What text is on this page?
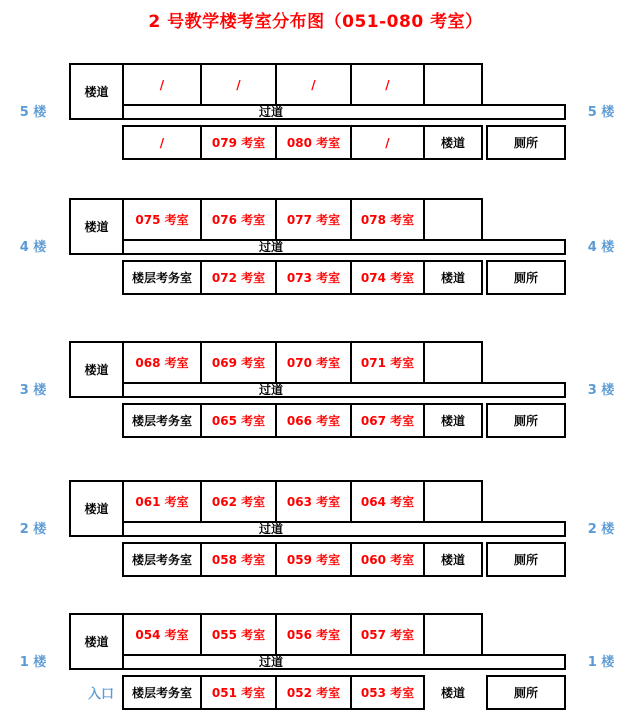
2 号教学楼考室分布图（051-080 考室）
5 楼
/	/	/	/
过道
楼道
/	079 考室	080 考室	/	楼道	厕所
5 楼
4 楼
075 考室	076 考室	077 考室	078 考室
过道
楼道
楼层考务室	072 考室	073 考室	074 考室	楼道	厕所
4 楼
3 楼
068 考室	069 考室	070 考室	071 考室
过道
楼道
楼层考务室	065 考室	066 考室	067 考室	楼道	厕所
3 楼
2 楼
061 考室	062 考室	063 考室	064 考室
过道
楼道
楼层考务室	058 考室	059 考室	060 考室	楼道	厕所
2 楼
1 楼
054 考室	055 考室	056 考室	057 考室
过道
楼道
入口	楼层考务室	051 考室	052 考室	053 考室	楼道	厕所
1 楼
